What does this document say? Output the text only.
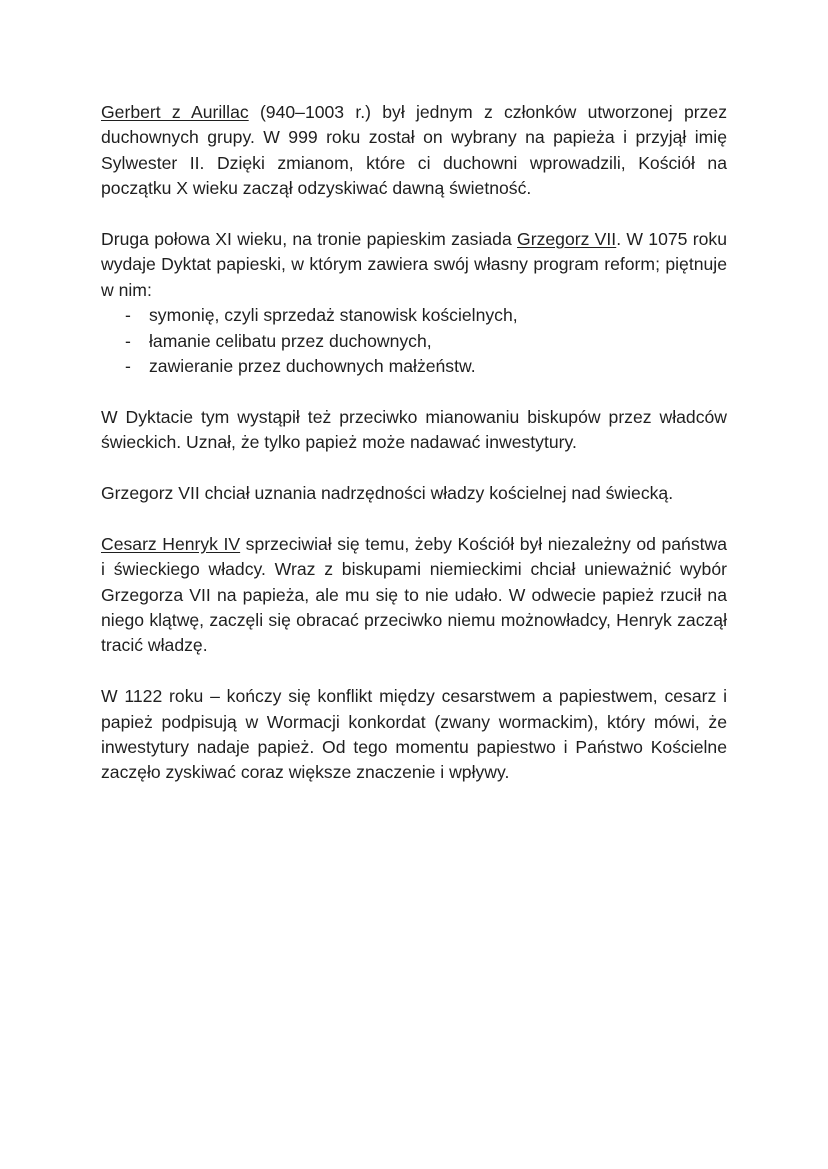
Gerbert z Aurillac (940–1003 r.) był jednym z członków utworzonej przez duchownych grupy. W 999 roku został on wybrany na papieża i przyjął imię Sylwester II. Dzięki zmianom, które ci duchowni wprowadzili, Kościół na początku X wieku zaczął odzyskiwać dawną świetność.

Druga połowa XI wieku, na tronie papieskim zasiada Grzegorz VII. W 1075 roku wydaje Dyktat papieski, w którym zawiera swój własny program reform; piętnuje w nim:

- symonię, czyli sprzedaż stanowisk kościelnych,
- łamanie celibatu przez duchownych,
- zawieranie przez duchownych małżeństw.

W Dyktacie tym wystąpił też przeciwko mianowaniu biskupów przez władców świeckich. Uznał, że tylko papież może nadawać inwestytury.

Grzegorz VII chciał uznania nadrzędności władzy kościelnej nad świecką.

Cesarz Henryk IV sprzeciwiał się temu, żeby Kościół był niezależny od państwa i świeckiego władcy. Wraz z biskupami niemieckimi chciał unieważnić wybór Grzegorza VII na papieża, ale mu się to nie udało. W odwecie papież rzucił na niego klątwę, zaczęli się obracać przeciwko niemu możnowładcy, Henryk zaczął tracić władzę.

W 1122 roku – kończy się konflikt między cesarstwem a papiestwem, cesarz i papież podpisują w Wormacji konkordat (zwany wormackim), który mówi, że inwestytury nadaje papież. Od tego momentu papiestwo i Państwo Kościelne zaczęło zyskiwać coraz większe znaczenie i wpływy.
